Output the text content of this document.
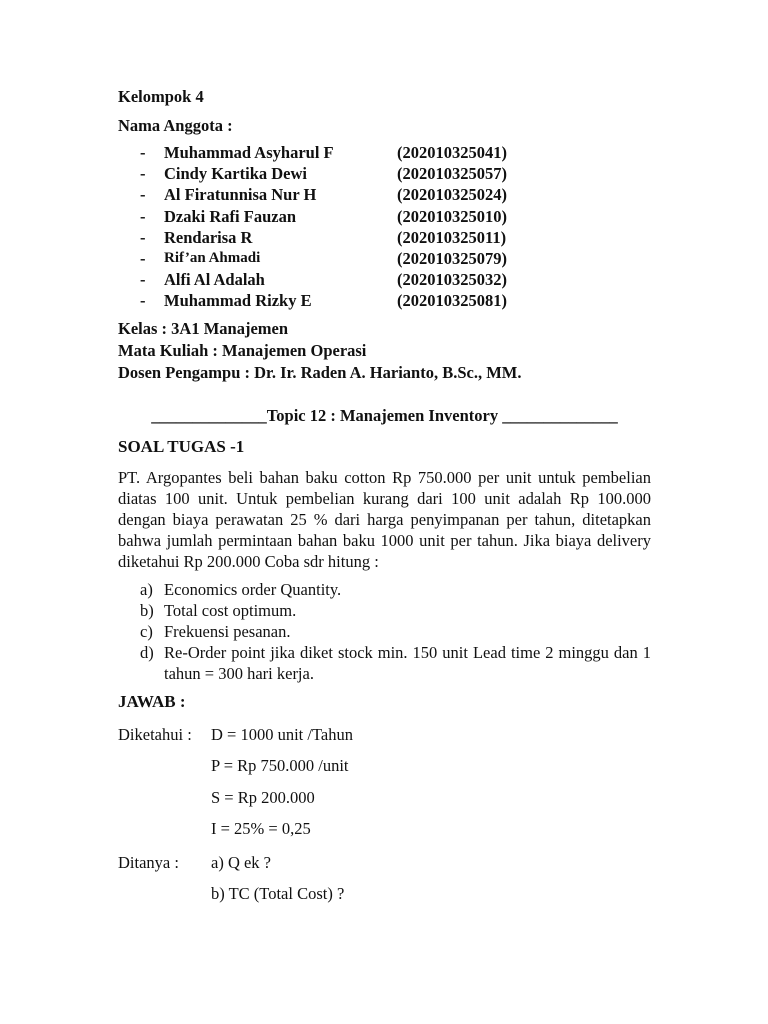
Kelompok 4
Nama Anggota :
-	Muhammad Asyharul F	(202010325041)
-	Cindy Kartika Dewi	(202010325057)
-	Al Firatunnisa Nur H	(202010325024)
-	Dzaki Rafi Fauzan	(202010325010)
-	Rendarisa R	(202010325011)
-	Rif’an Ahmadi	(202010325079)
-	Alfi Al Adalah	(202010325032)
-	Muhammad Rizky E	(202010325081)
Kelas : 3A1 Manajemen
Mata Kuliah : Manajemen Operasi
Dosen Pengampu : Dr. Ir. Raden A. Harianto, B.Sc., MM.
______________Topic 12 : Manajemen Inventory ______________
SOAL TUGAS -1
PT. Argopantes beli bahan baku cotton Rp 750.000 per unit untuk pembelian diatas 100 unit. Untuk pembelian kurang dari 100 unit adalah Rp 100.000 dengan biaya perawatan 25 % dari harga penyimpanan per tahun, ditetapkan bahwa jumlah permintaan bahan baku 1000 unit per tahun. Jika biaya delivery diketahui Rp 200.000 Coba sdr hitung :
a) Economics order Quantity.
b) Total cost optimum.
c) Frekuensi pesanan.
d) Re-Order point jika diket stock min. 150 unit Lead time 2 minggu dan 1 tahun = 300 hari kerja.
JAWAB :
Diketahui :	D = 1000 unit /Tahun
P = Rp 750.000 /unit
S = Rp 200.000
I = 25% = 0,25
Ditanya :	a) Q ek ?
b) TC (Total Cost) ?
